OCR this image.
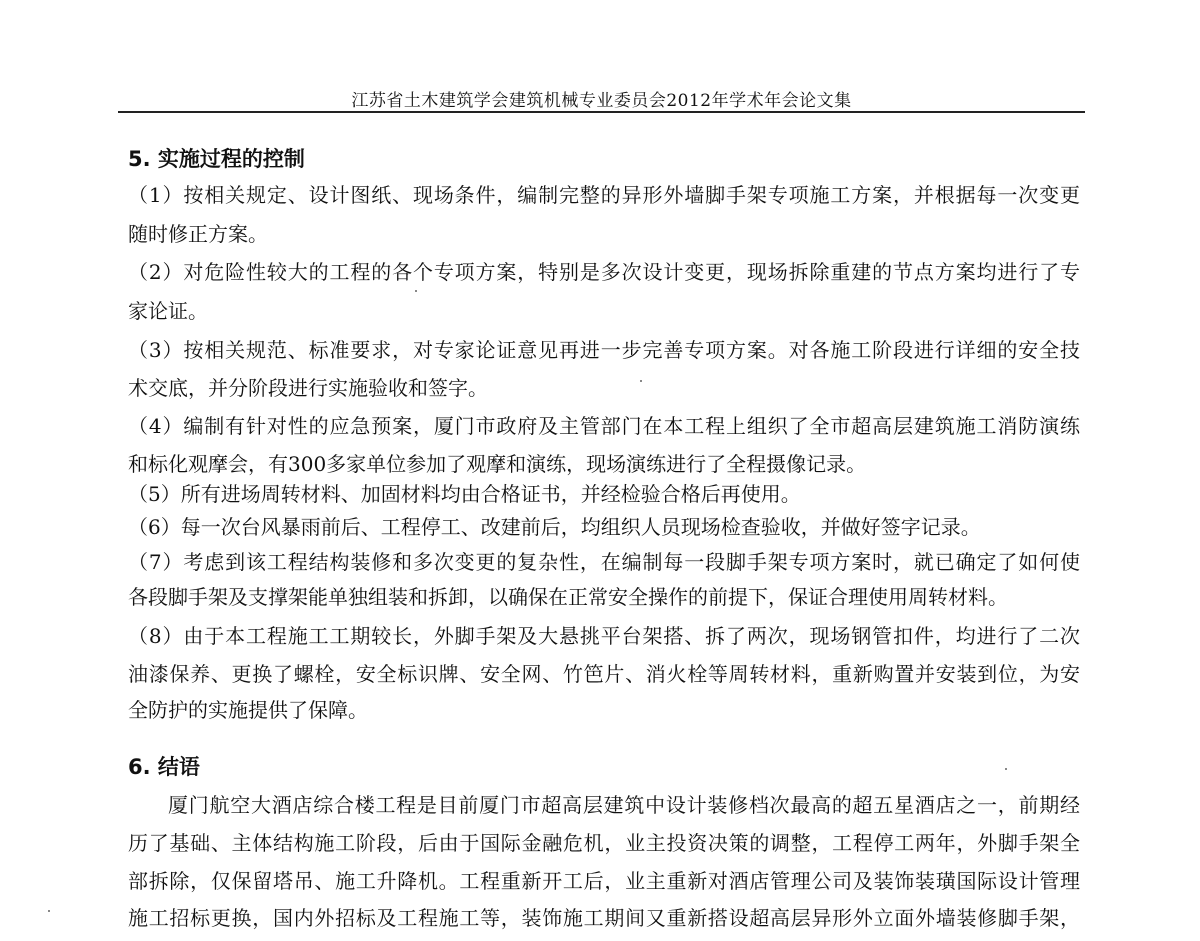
江苏省土木建筑学会建筑机械专业委员会2012年学术年会论文集
5. 实施过程的控制
（1）按相关规定、设计图纸、现场条件，编制完整的异形外墙脚手架专项施工方案，并根据每一次变更
随时修正方案。
（2）对危险性较大的工程的各个专项方案，特别是多次设计变更，现场拆除重建的节点方案均进行了专
家论证。
（3）按相关规范、标准要求，对专家论证意见再进一步完善专项方案。对各施工阶段进行详细的安全技
术交底，并分阶段进行实施验收和签字。
（4）编制有针对性的应急预案，厦门市政府及主管部门在本工程上组织了全市超高层建筑施工消防演练
和标化观摩会，有300多家单位参加了观摩和演练，现场演练进行了全程摄像记录。
（5）所有进场周转材料、加固材料均由合格证书，并经检验合格后再使用。
（6）每一次台风暴雨前后、工程停工、改建前后，均组织人员现场检查验收，并做好签字记录。
（7）考虑到该工程结构装修和多次变更的复杂性，在编制每一段脚手架专项方案时，就已确定了如何使
各段脚手架及支撑架能单独组装和拆卸，以确保在正常安全操作的前提下，保证合理使用周转材料。
（8）由于本工程施工工期较长，外脚手架及大悬挑平台架搭、拆了两次，现场钢管扣件，均进行了二次
油漆保养、更换了螺栓，安全标识牌、安全网、竹笆片、消火栓等周转材料，重新购置并安装到位，为安
全防护的实施提供了保障。
6. 结语
厦门航空大酒店综合楼工程是目前厦门市超高层建筑中设计装修档次最高的超五星酒店之一，前期经
历了基础、主体结构施工阶段，后由于国际金融危机，业主投资决策的调整，工程停工两年，外脚手架全
部拆除，仅保留塔吊、施工升降机。工程重新开工后，业主重新对酒店管理公司及装饰装璜国际设计管理
施工招标更换，国内外招标及工程施工等，装饰施工期间又重新搭设超高层异形外立面外墙装修脚手架，
